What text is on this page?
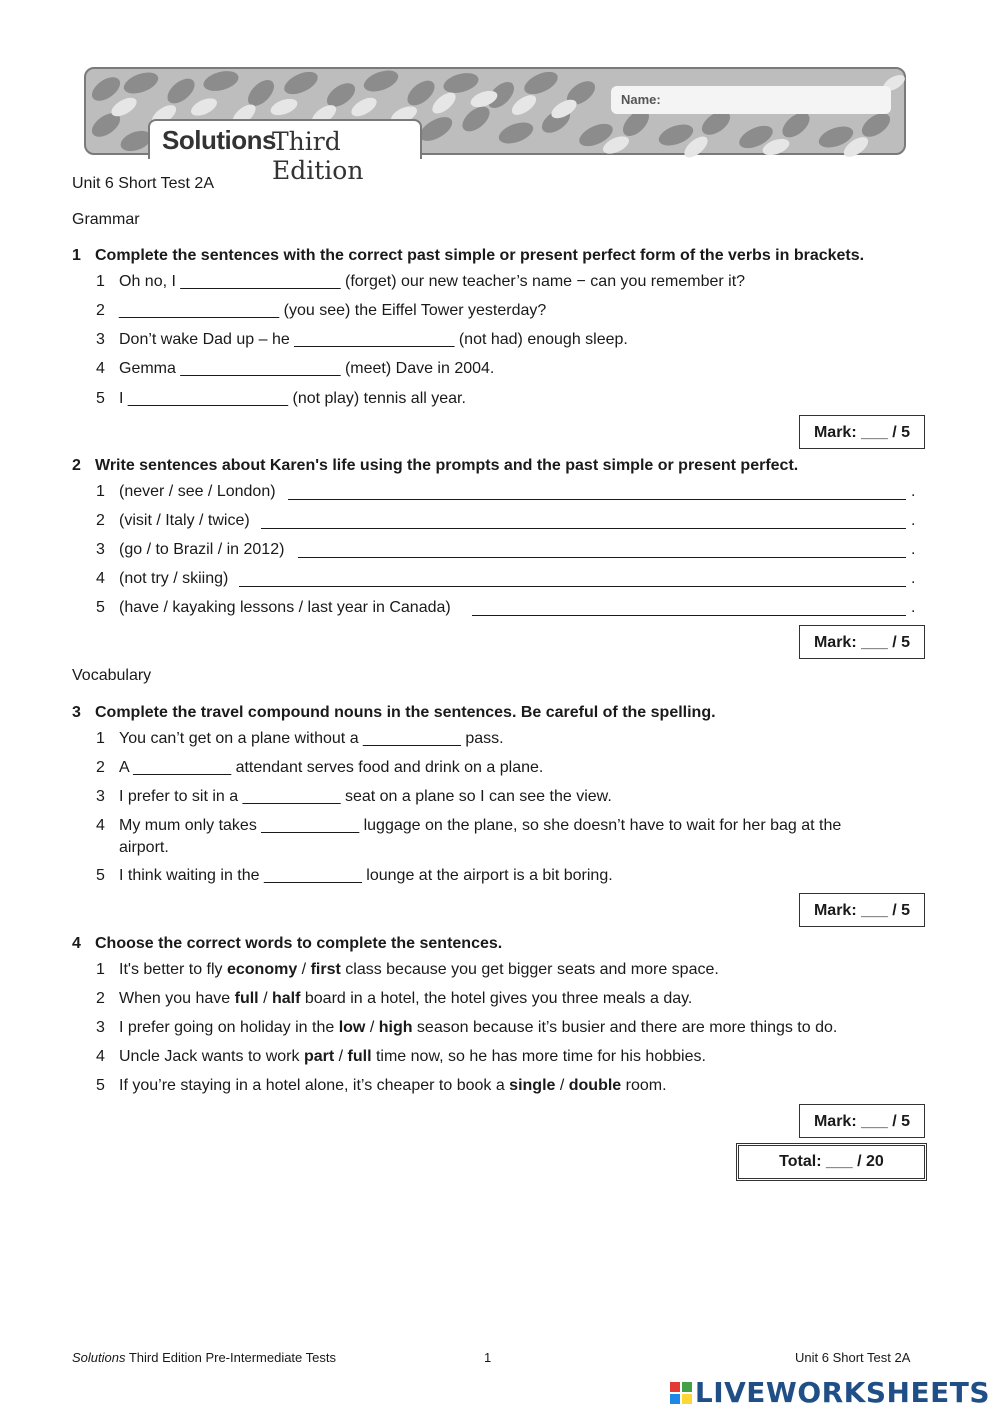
Name:
Solutions
Third Edition
Unit 6 Short Test 2A
Grammar
1 Complete the sentences with the correct past simple or present perfect form of the verbs in brackets.
1 Oh no, I __________________ (forget) our new teacher’s name − can you remember it?
2 __________________ (you see) the Eiffel Tower yesterday?
3 Don’t wake Dad up – he __________________ (not had) enough sleep.
4 Gemma __________________ (meet) Dave in 2004.
5 I __________________ (not play) tennis all year.
Mark: ___ / 5
2 Write sentences about Karen's life using the prompts and the past simple or present perfect.
1 (never / see / London)	.
2 (visit / Italy / twice)	.
3 (go / to Brazil / in 2012)	.
4 (not try / skiing)	.
5 (have / kayaking lessons / last year in Canada)	.
Mark: ___ / 5
Vocabulary
3 Complete the travel compound nouns in the sentences. Be careful of the spelling.
1 You can’t get on a plane without a ___________ pass.
2 A ___________ attendant serves food and drink on a plane.
3 I prefer to sit in a ___________ seat on a plane so I can see the view.
4 My mum only takes ___________ luggage on the plane, so she doesn’t have to wait for her bag at the
airport.
5 I think waiting in the ___________ lounge at the airport is a bit boring.
Mark: ___ / 5
4 Choose the correct words to complete the sentences.
1 It's better to fly economy / first class because you get bigger seats and more space.
2 When you have full / half board in a hotel, the hotel gives you three meals a day.
3 I prefer going on holiday in the low / high season because it’s busier and there are more things to do.
4 Uncle Jack wants to work part / full time now, so he has more time for his hobbies.
5 If you’re staying in a hotel alone, it’s cheaper to book a single / double room.
Mark: ___ / 5
Total: ___ / 20
Solutions Third Edition Pre-Intermediate Tests	1	Unit 6 Short Test 2A
LIVEWORKSHEETS
